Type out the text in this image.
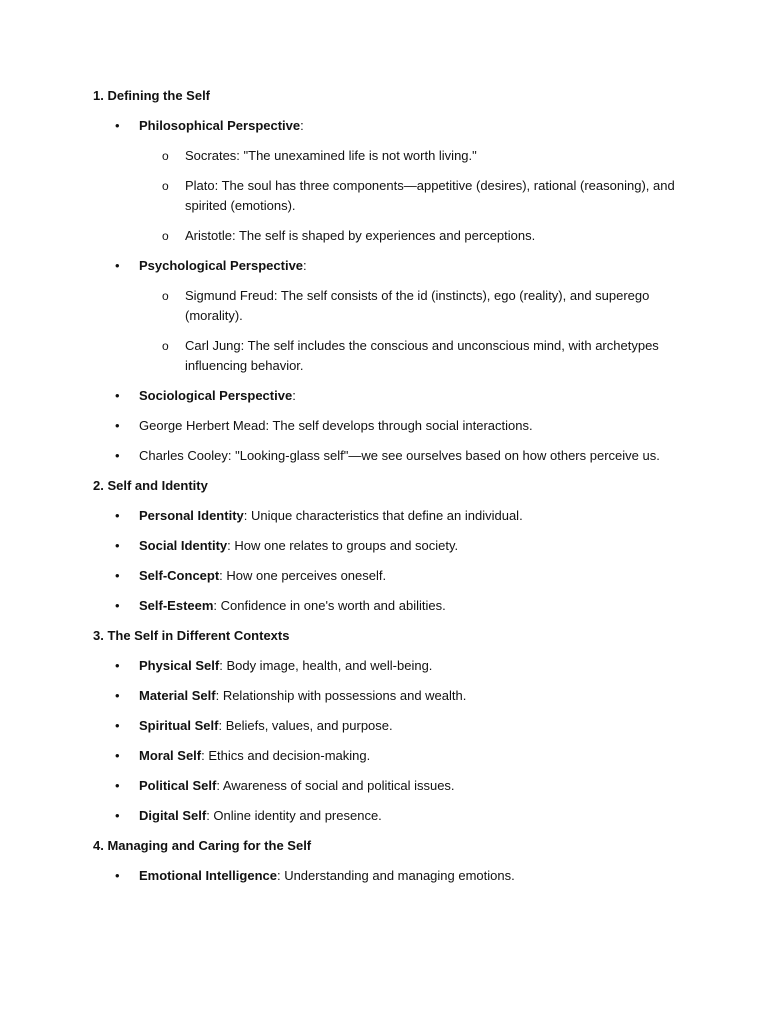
1. Defining the Self
• Philosophical Perspective:
o Socrates: "The unexamined life is not worth living."
o Plato: The soul has three components—appetitive (desires), rational (reasoning), and spirited (emotions).
o Aristotle: The self is shaped by experiences and perceptions.
• Psychological Perspective:
o Sigmund Freud: The self consists of the id (instincts), ego (reality), and superego (morality).
o Carl Jung: The self includes the conscious and unconscious mind, with archetypes influencing behavior.
• Sociological Perspective:
• George Herbert Mead: The self develops through social interactions.
• Charles Cooley: "Looking-glass self"—we see ourselves based on how others perceive us.
2. Self and Identity
• Personal Identity: Unique characteristics that define an individual.
• Social Identity: How one relates to groups and society.
• Self-Concept: How one perceives oneself.
• Self-Esteem: Confidence in one's worth and abilities.
3. The Self in Different Contexts
• Physical Self: Body image, health, and well-being.
• Material Self: Relationship with possessions and wealth.
• Spiritual Self: Beliefs, values, and purpose.
• Moral Self: Ethics and decision-making.
• Political Self: Awareness of social and political issues.
• Digital Self: Online identity and presence.
4. Managing and Caring for the Self
• Emotional Intelligence: Understanding and managing emotions.
